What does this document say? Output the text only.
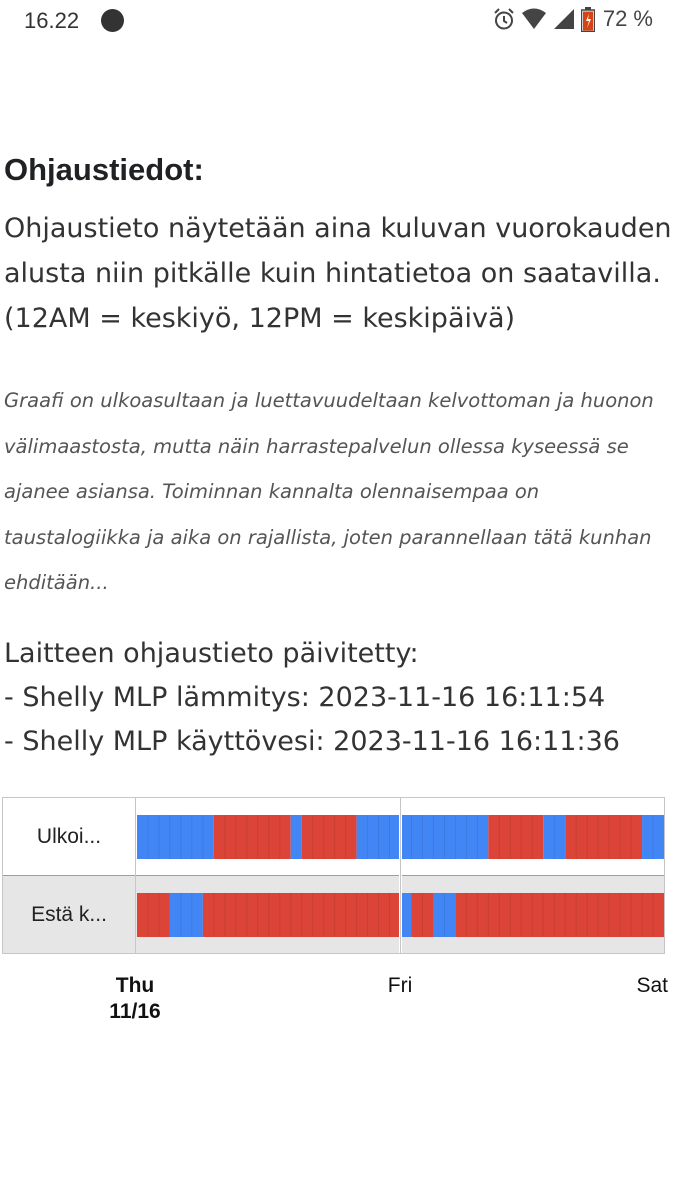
16.22	72 %
Ohjaustiedot:

Ohjaustieto näytetään aina kuluvan vuorokauden alusta niin pitkälle kuin hintatietoa on saatavilla. (12AM = keskiyö, 12PM = keskipäivä)

Graafi on ulkoasultaan ja luettavuudeltaan kelvottoman ja huonon välimaastosta, mutta näin harrastepalvelun ollessa kyseessä se ajanee asiansa. Toiminnan kannalta olennaisempaa on taustalogiikka ja aika on rajallista, joten parannellaan tätä kunhan ehditään...

Laitteen ohjaustieto päivitetty:
- Shelly MLP lämmitys: 2023-11-16 16:11:54
- Shelly MLP käyttövesi: 2023-11-16 16:11:36
Ulkoi...
Estä k...
Thu
11/16
Fri	Sat
